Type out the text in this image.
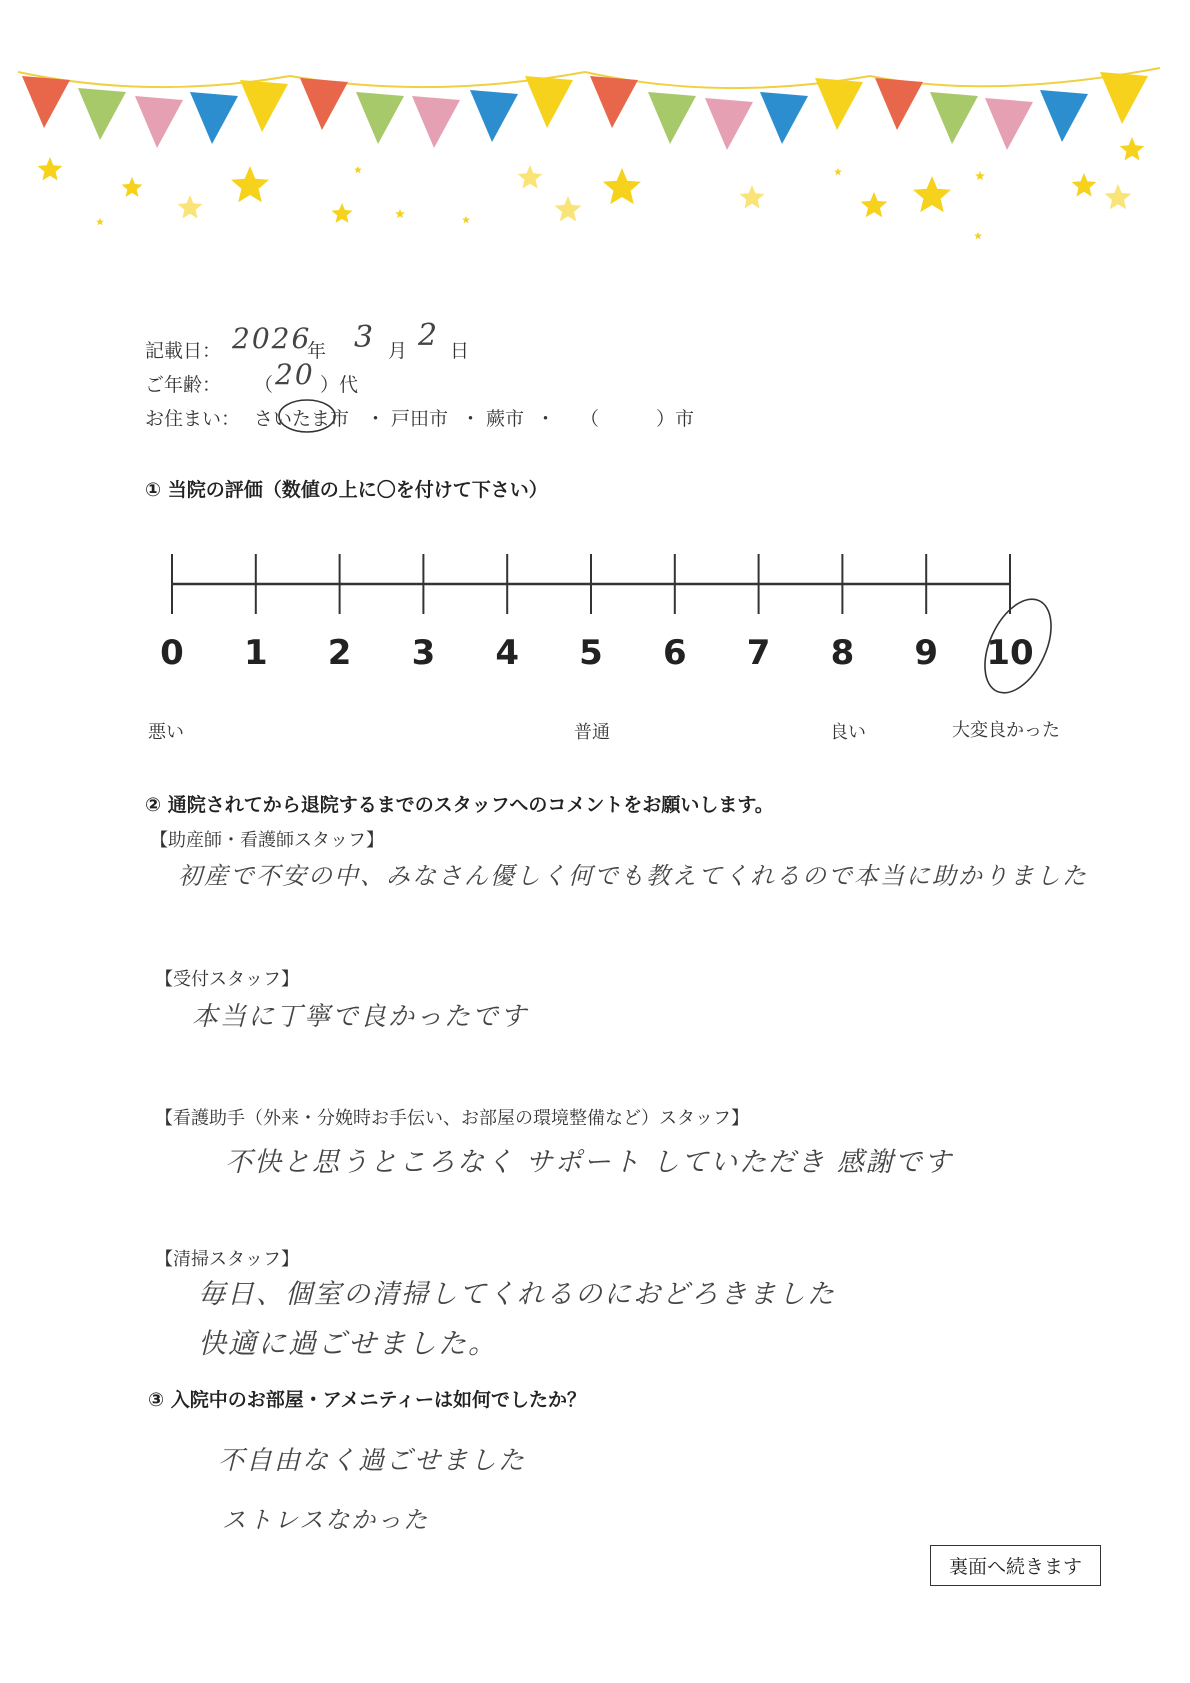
記載日： 2026
年 3 月 2 日
ご年齢： （ 20 ）代
お住まい： さいたま市 ・ 戸田市 ・ 蕨市 ・ （　　　）市
① 当院の評価（数値の上に〇を付けて下さい）
0 1 2 3 4 5 6 7 8 9 10
悪い	普通	良い	大変良かった
② 通院されてから退院するまでのスタッフへのコメントをお願いします。
【助産師・看護師スタッフ】
初産で不安の中、みなさん優しく何でも教えてくれるので本当に助かりました
【受付スタッフ】
本当に丁寧で良かったです
【看護助手（外来・分娩時お手伝い、お部屋の環境整備など）スタッフ】
不快と思うところなく サポート していただき 感謝です
【清掃スタッフ】
毎日、個室の清掃してくれるのにおどろきました
快適に過ごせました。
③ 入院中のお部屋・アメニティーは如何でしたか？
不自由なく過ごせました
ストレスなかった
裏面へ続きます
